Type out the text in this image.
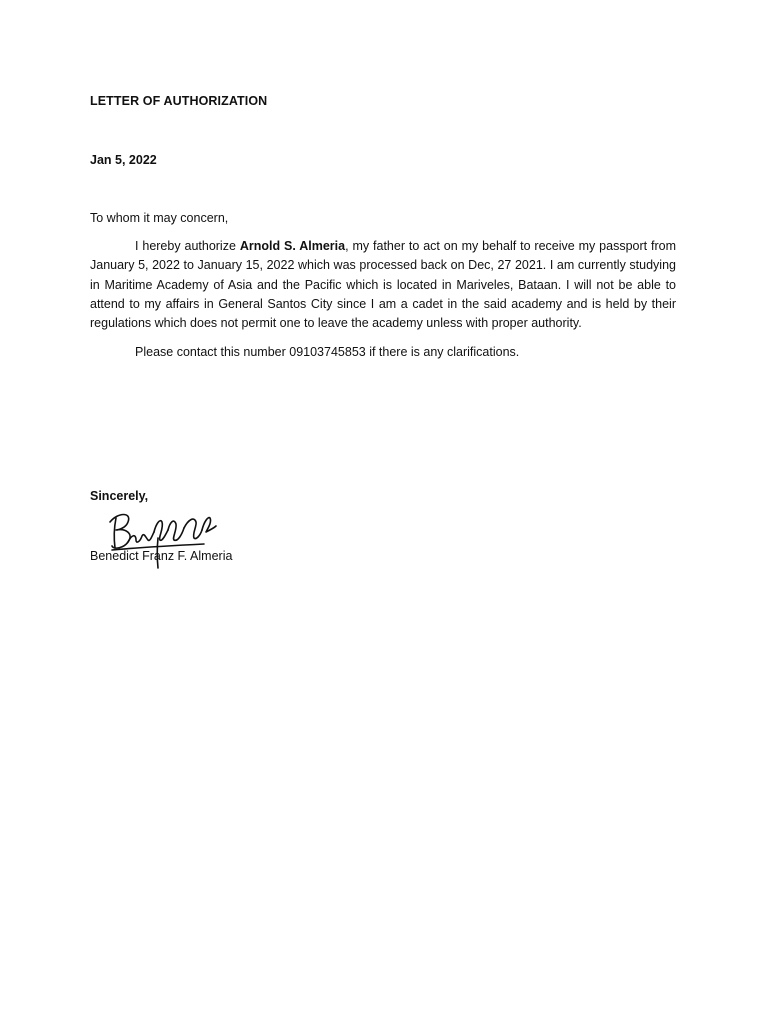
LETTER OF AUTHORIZATION
Jan 5, 2022
To whom it may concern,

I hereby authorize Arnold S. Almeria, my father to act on my behalf to receive my passport from January 5, 2022 to January 15, 2022 which was processed back on Dec, 27 2021. I am currently studying in Maritime Academy of Asia and the Pacific which is located in Mariveles, Bataan. I will not be able to attend to my affairs in General Santos City since I am a cadet in the said academy and is held by their regulations which does not permit one to leave the academy unless with proper authority.

Please contact this number 09103745853 if there is any clarifications.

Sincerely,
Benedict Franz F. Almeria
